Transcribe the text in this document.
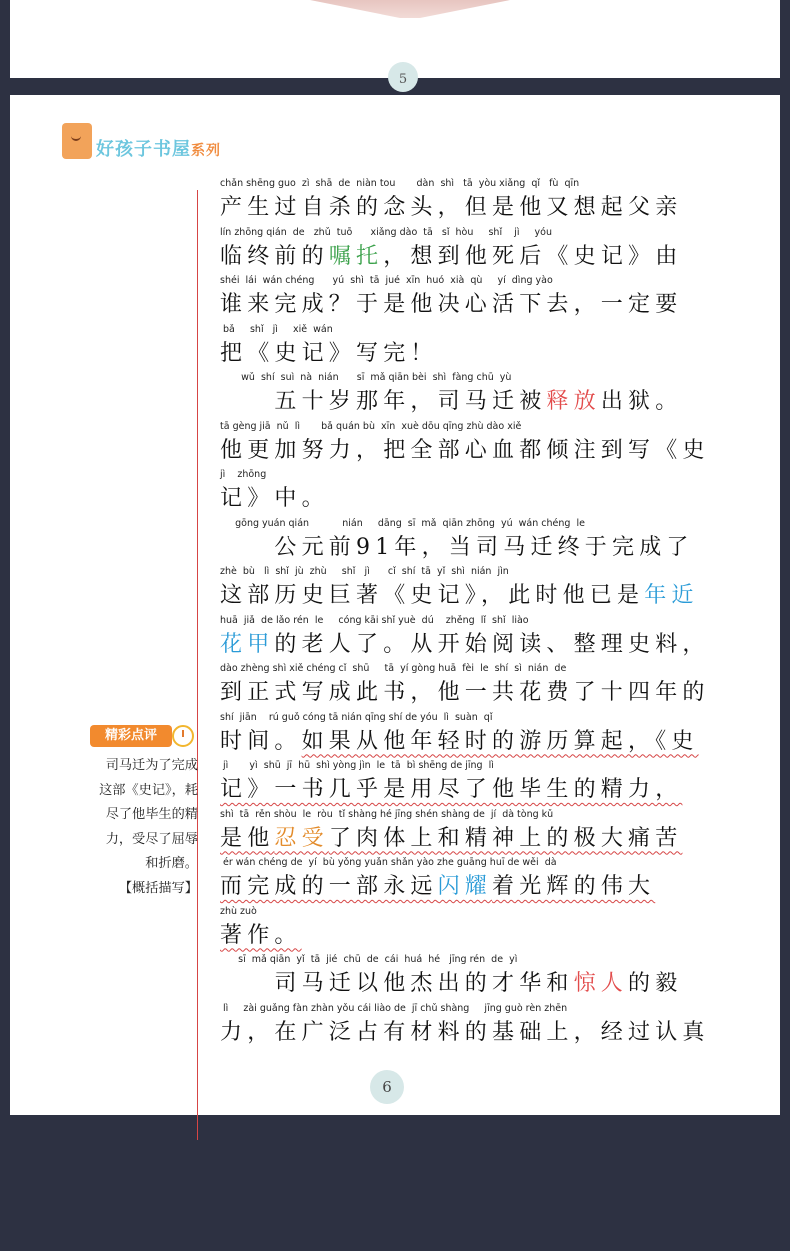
5
好孩子书屋系列
chǎn shēng guo  zì  shā  de  niàn tou       dàn  shì   tā  yòu xiǎng  qǐ   fù  qīn
产生过自杀的念头，但是他又想起父亲
lín zhōng qián  de   zhǔ  tuō      xiǎng dào  tā   sǐ  hòu     shǐ    jì     yóu
临终前的嘱托，想到他死后《史记》由
shéi  lái  wán chéng      yú  shì  tā  jué  xīn  huó  xià  qù     yí  dìng yào
谁来完成？于是他决心活下去，一定要
bǎ     shǐ   jì     xiě  wán
把《史记》写完！
wǔ  shí  suì  nà  nián      sī  mǎ qiān bèi  shì  fàng chū  yù
　　五十岁那年，司马迁被释放出狱。
tā gèng jiā  nǔ  lì       bǎ quán bù  xīn  xuè dōu qīng zhù dào xiě
他更加努力，把全部心血都倾注到写《史
jì    zhōng
记》中。
gōng yuán qián           nián     dāng  sī  mǎ  qiān zhōng  yú  wán chéng  le
　　公元前91年，当司马迁终于完成了
zhè  bù   lì  shǐ  jù  zhù     shǐ   jì      cǐ  shí  tā  yǐ  shì  nián  jìn
这部历史巨著《史记》，此时他已是年近
huā  jiǎ  de lǎo rén  le     cóng kāi shǐ yuè  dú    zhěng  lǐ  shǐ  liào
花甲的老人了。从开始阅读、整理史料，
dào zhèng shì xiě chéng cǐ  shū     tā  yí gòng huā  fèi  le  shí  sì  nián  de
到正式写成此书，他一共花费了十四年的
shí  jiān    rú guǒ cóng tā nián qīng shí de yóu  lì  suàn  qǐ
时间。如果从他年轻时的游历算起，《史
jì       yì  shū  jī  hū  shì yòng jìn  le  tā  bì shēng de jīng  lì
记》一书几乎是用尽了他毕生的精力，
shì  tā  rěn shòu  le  ròu  tǐ shàng hé jīng shén shàng de  jí  dà tòng kǔ
是他忍受了肉体上和精神上的极大痛苦
ér wán chéng de  yí  bù yǒng yuǎn shǎn yào zhe guāng huī de wěi  dà
而完成的一部永远闪耀着光辉的伟大
zhù zuò
著作。
sī  mǎ qiān  yǐ  tā  jié  chū  de  cái  huá  hé   jīng rén  de  yì
　　司马迁以他杰出的才华和惊人的毅
lì     zài guǎng fàn zhàn yǒu cái liào de  jī chǔ shàng     jīng guò rèn zhēn
力，在广泛占有材料的基础上，经过认真
精彩点评
司马迁为了完成这部《史记》，耗尽了他毕生的精力，受尽了屈辱和折磨。
【概括描写】
6
